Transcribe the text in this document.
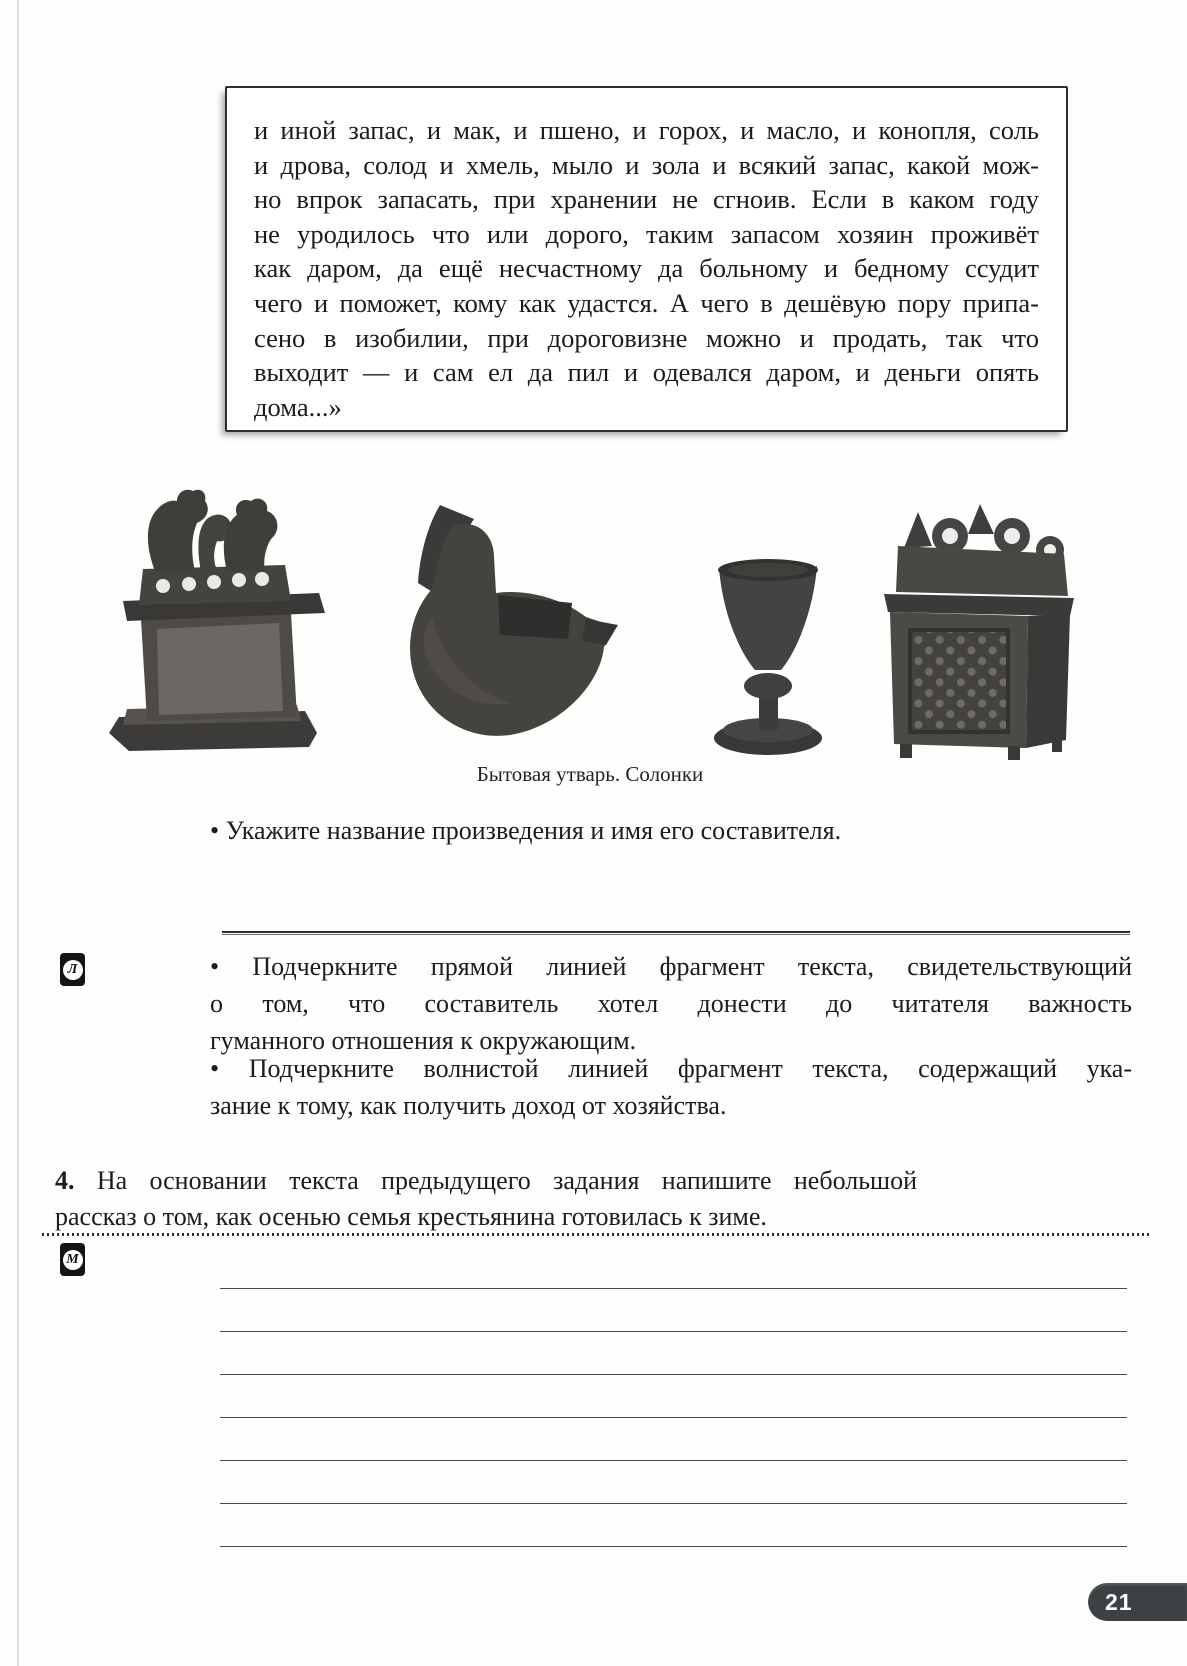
и иной запас, и мак, и пшено, и горох, и масло, и конопля, соль
и дрова, солод и хмель, мыло и зола и всякий запас, какой мож-
но впрок запасать, при хранении не сгноив. Если в каком году
не уродилось что или дорого, таким запасом хозяин проживёт
как даром, да ещё несчастному да больному и бедному ссудит
чего и поможет, кому как удастся. А чего в дешёвую пору припа-
сено в изобилии, при дороговизне можно и продать, так что
выходит — и сам ел да пил и одевался даром, и деньги опять
дома...»
Бытовая утварь. Солонки
• Укажите название произведения и имя его составителя.
Л	• Подчеркните прямой линией фрагмент текста, свидетельствующий
о том, что составитель хотел донести до читателя важность
гуманного отношения к окружающим.
• Подчеркните волнистой линией фрагмент текста, содержащий ука-
зание к тому, как получить доход от хозяйства.
4. На основании текста предыдущего задания напишите небольшой
рассказ о том, как осенью семья крестьянина готовилась к зиме.
М
21
